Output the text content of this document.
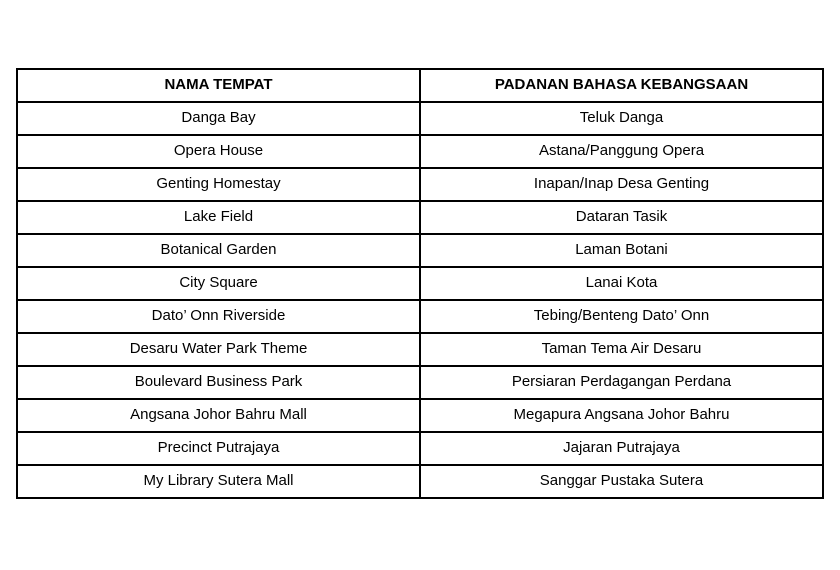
NAMA TEMPAT	PADANAN BAHASA KEBANGSAAN
Danga Bay	Teluk Danga
Opera House	Astana/Panggung Opera
Genting Homestay	Inapan/Inap Desa Genting
Lake Field	Dataran Tasik
Botanical Garden	Laman Botani
City Square	Lanai Kota
Dato’ Onn Riverside	Tebing/Benteng Dato’ Onn
Desaru Water Park Theme	Taman Tema Air Desaru
Boulevard Business Park	Persiaran Perdagangan Perdana
Angsana Johor Bahru Mall	Megapura Angsana Johor Bahru
Precinct Putrajaya	Jajaran Putrajaya
My Library Sutera Mall	Sanggar Pustaka Sutera
